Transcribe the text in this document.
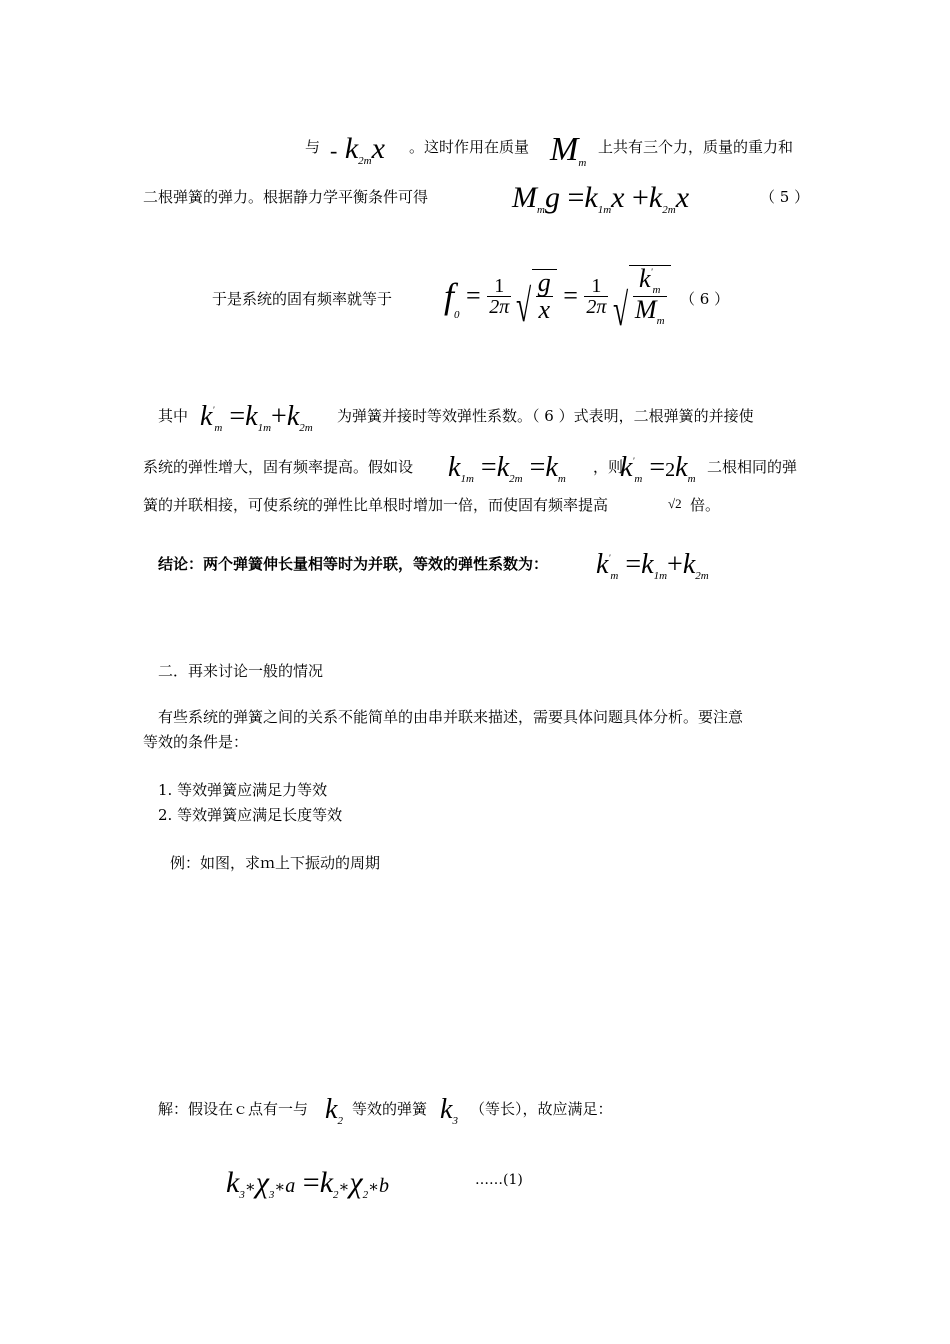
与 - $k_{2m}x$ 。这时作用在质量 Mm
上共有三个力，质量的重力和
二根弹簧的弹力。根据静力学平衡条件可得	$M_mg =k_{1m}x +k_{2m}x$	（ 5 ）
于是系统的固有频率就等于 $f_0 = \frac{1}{2\pi}$
√ $\frac{g}{x} = \frac{1}{2\pi}$
√ $\frac{k'_m}{M_m}$ （ 6 ）
其中 $k'_m =k_{1m}+k_{2m}$
为弹簧并接时等效弹性系数。（ 6 ）式表明，二根弹簧的并接使
系统的弹性增大，固有频率提高。假如设 $k_{1m} =k_{2m} =k_m$
，则
$k'_m =2k_m$
二根相同的弹
簧的并联相接，可使系统的弹性比单根时增加一倍，而使固有频率提高	√2 倍。
结论：两个弹簧伸长量相等时为并联，等效的弹性系数为： $k'_m =k_{1m}+k_{2m}$
二．再来讨论一般的情况
有些系统的弹簧之间的关系不能简单的由串并联来描述，需要具体问题具体分析。要注意
等效的条件是：
1. 等效弹簧应满足力等效
2. 等效弹簧应满足长度等效
例：如图，求ｍ上下振动的周期
解：假设在ｃ点有一与 $k_2$
等效的弹簧 $k_3$
（等长），故应满足：
$k_3∗\chi_3∗a$ $=k_2∗\chi_2∗b$	……(1)
